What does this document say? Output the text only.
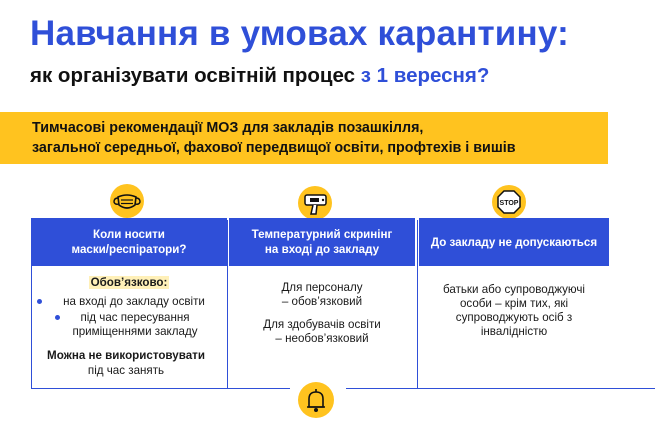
Навчання в умовах карантину:
як організувати освітній процес з 1 вересня?
Тимчасові рекомендації МОЗ для закладів позашкілля,
загальної середньої, фахової передвищої освіти, профтехів і вишів
Коли носити
маски/респіратори?
Обов’язково:
на вході до закладу освіти
під час пересування
приміщеннями закладу
Можна не використовувати
під час занять
Температурний скринінг
на вході до закладу
Для персоналу
– обов’язковий
Для здобувачів освіти
– необов’язковий
STOP
До закладу не допускаються
батьки або супроводжуючі
особи – крім тих, які
супроводжують осіб з
інвалідністю
